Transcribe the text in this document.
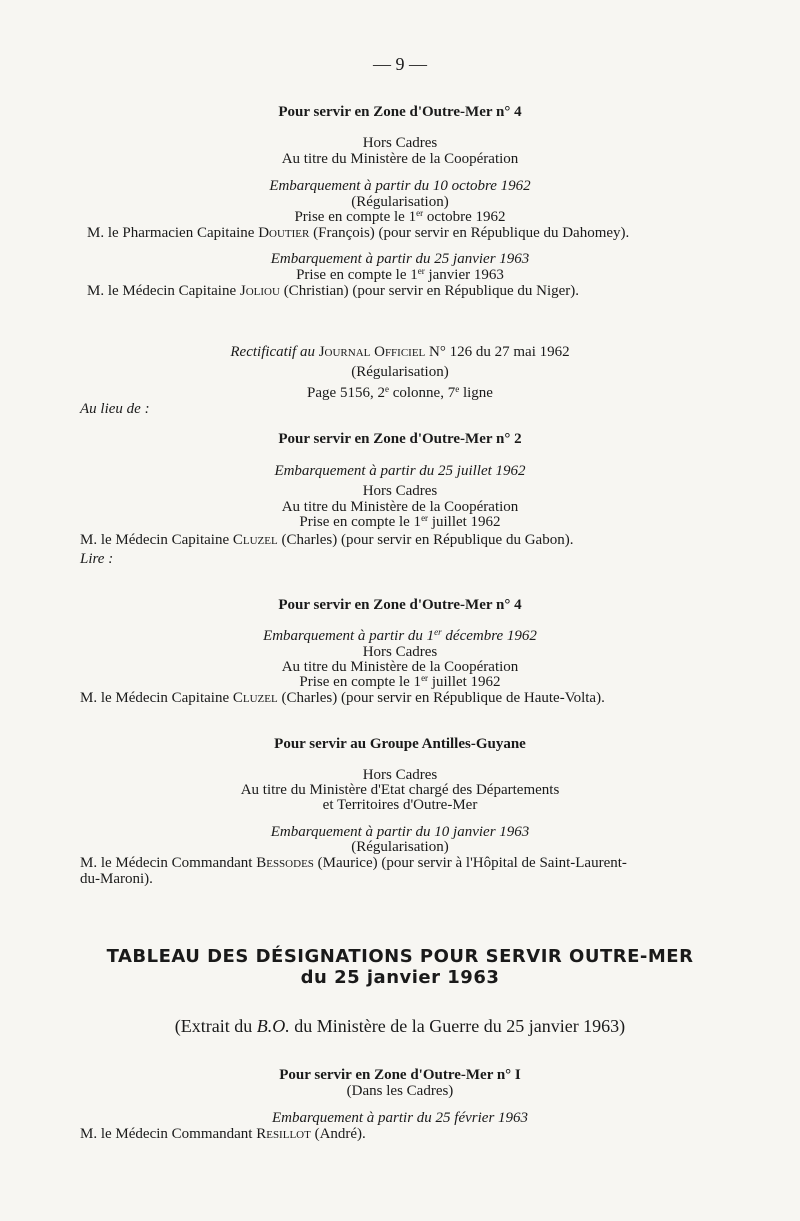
— 9 —
Pour servir en Zone d'Outre-Mer n° 4
Hors Cadres
Au titre du Ministère de la Coopération
Embarquement à partir du 10 octobre 1962
(Régularisation)
Prise en compte le 1er octobre 1962
M. le Pharmacien Capitaine Doutier (François) (pour servir en République du Dahomey).
Embarquement à partir du 25 janvier 1963
Prise en compte le 1er janvier 1963
M. le Médecin Capitaine Joliou (Christian) (pour servir en République du Niger).
Rectificatif au Journal Officiel N° 126 du 27 mai 1962
(Régularisation)
Page 5156, 2e colonne, 7e ligne
Au lieu de :
Pour servir en Zone d'Outre-Mer n° 2
Embarquement à partir du 25 juillet 1962
Hors Cadres
Au titre du Ministère de la Coopération
Prise en compte le 1er juillet 1962
M. le Médecin Capitaine Cluzel (Charles) (pour servir en République du Gabon).
Lire :
Pour servir en Zone d'Outre-Mer n° 4
Embarquement à partir du 1er décembre 1962
Hors Cadres
Au titre du Ministère de la Coopération
Prise en compte le 1er juillet 1962
M. le Médecin Capitaine Cluzel (Charles) (pour servir en République de Haute-Volta).
Pour servir au Groupe Antilles-Guyane
Hors Cadres
Au titre du Ministère d'Etat chargé des Départements
et Territoires d'Outre-Mer
Embarquement à partir du 10 janvier 1963
(Régularisation)
M. le Médecin Commandant Bessodes (Maurice) (pour servir à l'Hôpital de Saint-Laurent-
du-Maroni).
TABLEAU DES DÉSIGNATIONS POUR SERVIR OUTRE-MER
du 25 janvier 1963
(Extrait du B.O. du Ministère de la Guerre du 25 janvier 1963)
Pour servir en Zone d'Outre-Mer n° I
(Dans les Cadres)
Embarquement à partir du 25 février 1963
M. le Médecin Commandant Resillot (André).
